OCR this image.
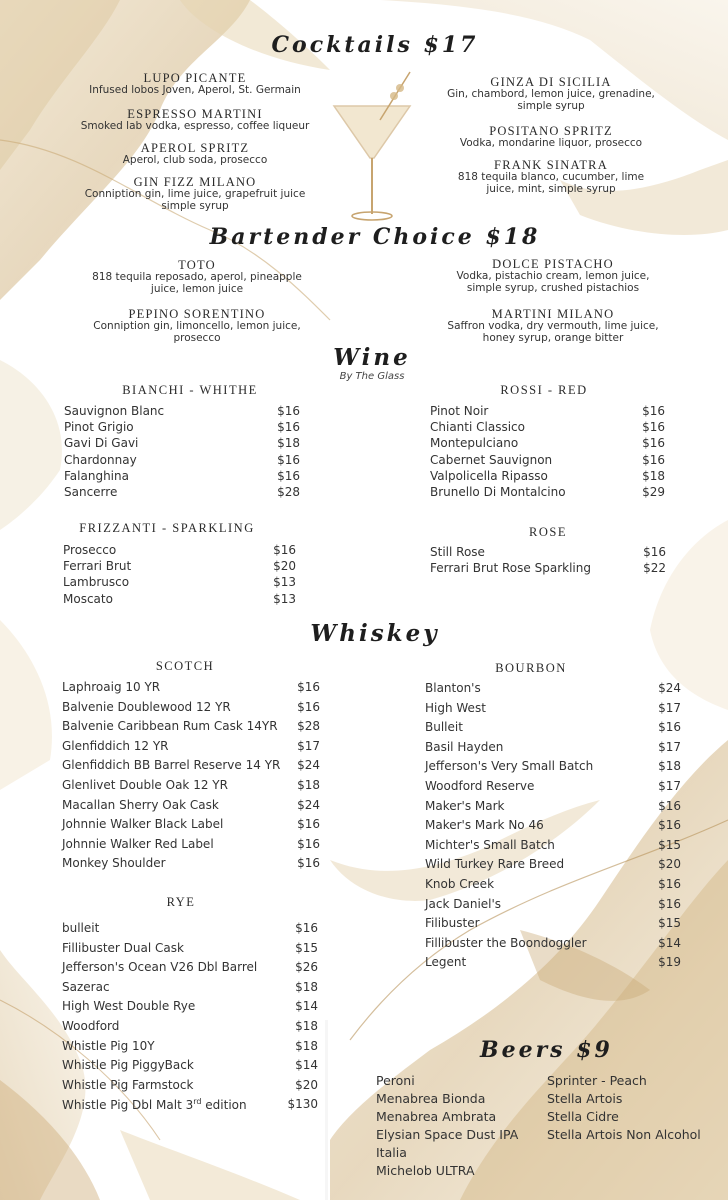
Cocktails $17
LUPO PICANTE
Infused lobos Joven, Aperol, St. Germain
ESPRESSO MARTINI
Smoked lab vodka, espresso, coffee liqueur
APEROL SPRITZ
Aperol, club soda, prosecco
GIN FIZZ MILANO
Conniption gin, lime juice, grapefruit juice simple syrup
GINZA DI SICILIA
Gin, chambord, lemon juice, grenadine, simple syrup
POSITANO SPRITZ
Vodka, mondarine liquor, prosecco
FRANK SINATRA
818 tequila blanco, cucumber, lime juice, mint, simple syrup
Bartender Choice $18
TOTO
818 tequila reposado, aperol, pineapple juice, lemon juice
PEPINO SORENTINO
Conniption gin, limoncello, lemon juice, prosecco
DOLCE PISTACHO
Vodka, pistachio cream, lemon juice, simple syrup, crushed pistachios
MARTINI MILANO
Saffron vodka, dry vermouth, lime juice, honey syrup, orange bitter
Wine
By The Glass
BIANCHI - WHITHE
Sauvignon Blanc	$16
Pinot Grigio	$16
Gavi Di Gavi	$18
Chardonnay	$16
Falanghina	$16
Sancerre	$28
ROSSI - RED
Pinot Noir	$16
Chianti Classico	$16
Montepulciano	$16
Cabernet Sauvignon	$16
Valpolicella Ripasso	$18
Brunello Di Montalcino	$29
FRIZZANTI - SPARKLING
Prosecco	$16
Ferrari Brut	$20
Lambrusco	$13
Moscato	$13
ROSE
Still Rose	$16
Ferrari Brut Rose Sparkling	$22
Whiskey
SCOTCH
Laphroaig 10 YR	$16
Balvenie Doublewood 12 YR	$16
Balvenie Caribbean Rum Cask 14YR $28
Glenfiddich 12 YR	$17
Glenfiddich BB Barrel Reserve 14 YR $24
Glenlivet Double Oak 12 YR	$18
Macallan Sherry Oak Cask	$24
Johnnie Walker Black Label	$16
Johnnie Walker Red Label	$16
Monkey Shoulder	$16
RYE
bulleit	$16
Fillibuster Dual Cask	$15
Jefferson's Ocean V26 Dbl Barrel	$26
Sazerac	$18
High West Double Rye	$14
Woodford	$18
Whistle Pig 10Y	$18
Whistle Pig PiggyBack	$14
Whistle Pig Farmstock	$20
Whistle Pig Dbl Malt 3rd edition	$130
BOURBON
Blanton's	$24
High West	$17
Bulleit	$16
Basil Hayden	$17
Jefferson's Very Small Batch	$18
Woodford Reserve	$17
Maker's Mark	$16
Maker's Mark No 46	$16
Michter's Small Batch	$15
Wild Turkey Rare Breed	$20
Knob Creek	$16
Jack Daniel's	$16
Filibuster	$15
Fillibuster the Boondoggler	$14
Legent	$19
Beers $9
Peroni
Menabrea Bionda
Menabrea Ambrata
Elysian Space Dust IPA
Italia
Michelob ULTRA
Sprinter - Peach
Stella Artois
Stella Cidre
Stella Artois Non Alcohol
